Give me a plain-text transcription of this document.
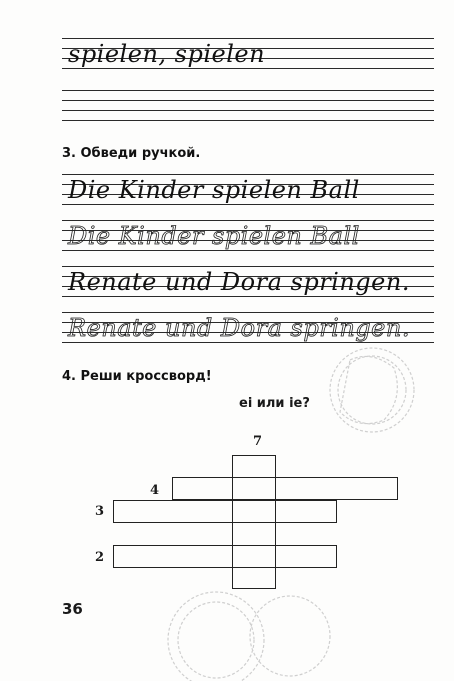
spielen, spielen
3. Обведи ручкой.
Die Kinder spielen Ball
Die Kinder spielen Ball
Renate und Dora springen.
Renate und Dora springen.
4. Реши кроссворд!
ei или ie?
7
4
3
2
36
